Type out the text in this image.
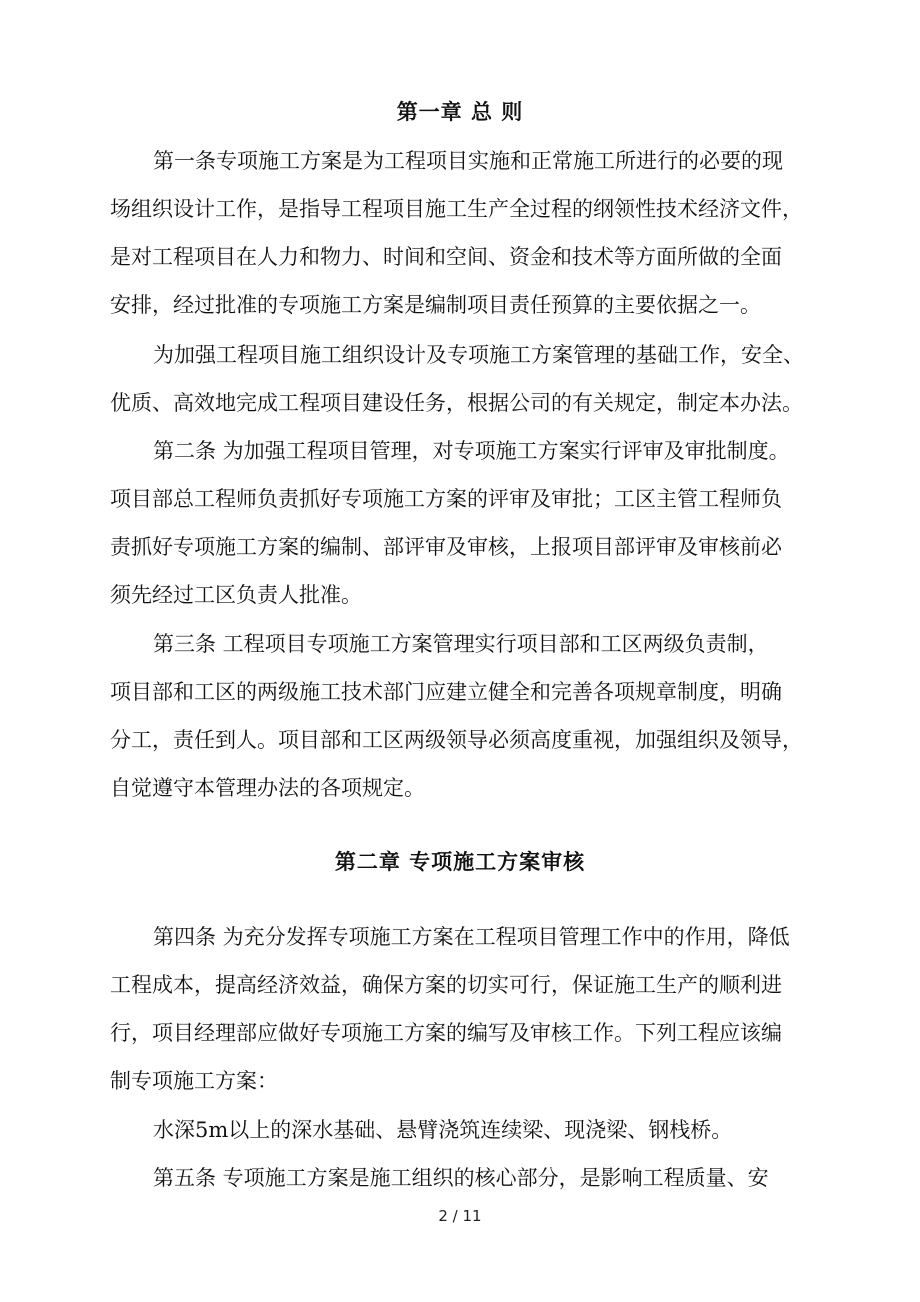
第一章 总 则
第一条专项施工方案是为工程项目实施和正常施工所进行的必要的现
场组织设计工作，是指导工程项目施工生产全过程的纲领性技术经济文件，
是对工程项目在人力和物力、时间和空间、资金和技术等方面所做的全面
安排，经过批准的专项施工方案是编制项目责任预算的主要依据之一。
为加强工程项目施工组织设计及专项施工方案管理的基础工作，安全、
优质、高效地完成工程项目建设任务，根据公司的有关规定，制定本办法。
第二条 为加强工程项目管理，对专项施工方案实行评审及审批制度。
项目部总工程师负责抓好专项施工方案的评审及审批；工区主管工程师负
责抓好专项施工方案的编制、部评审及审核，上报项目部评审及审核前必
须先经过工区负责人批准。
第三条 工程项目专项施工方案管理实行项目部和工区两级负责制，
项目部和工区的两级施工技术部门应建立健全和完善各项规章制度，明确
分工，责任到人。项目部和工区两级领导必须高度重视，加强组织及领导，
自觉遵守本管理办法的各项规定。
第二章 专项施工方案审核
第四条 为充分发挥专项施工方案在工程项目管理工作中的作用，降低
工程成本，提高经济效益，确保方案的切实可行，保证施工生产的顺利进
行，项目经理部应做好专项施工方案的编写及审核工作。下列工程应该编
制专项施工方案：
水深5m以上的深水基础、悬臂浇筑连续梁、现浇梁、钢栈桥。
第五条 专项施工方案是施工组织的核心部分，是影响工程质量、安
2 / 11
